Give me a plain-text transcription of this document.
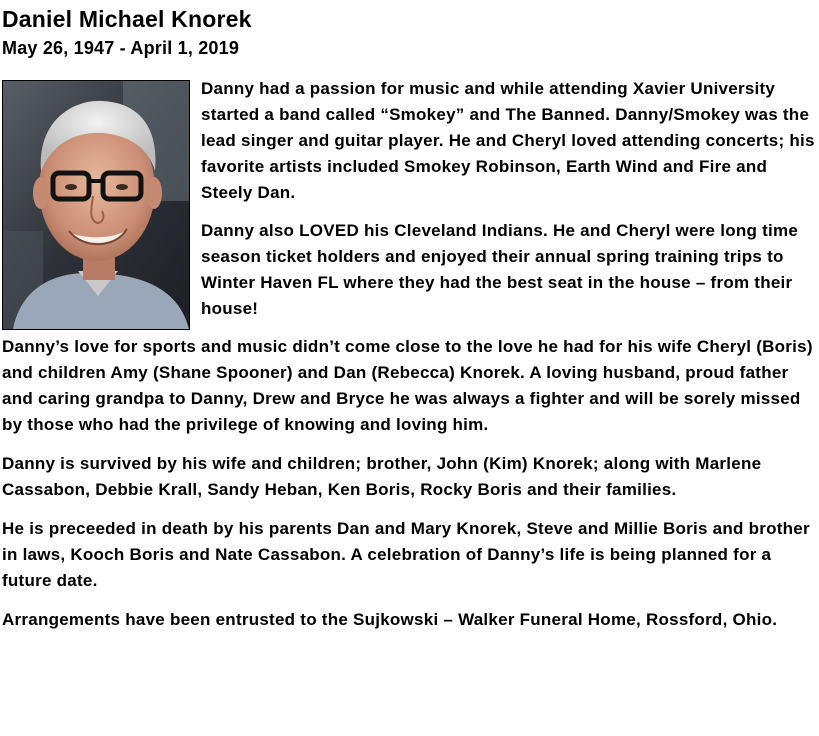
Daniel Michael Knorek
May 26, 1947 - April 1, 2019

Danny had a passion for music and while attending Xavier University started a band called “Smokey” and The Banned. Danny/Smokey was the lead singer and guitar player. He and Cheryl loved attending concerts; his favorite artists included Smokey Robinson, Earth Wind and Fire and Steely Dan.

Danny also LOVED his Cleveland Indians. He and Cheryl were long time season ticket holders and enjoyed their annual spring training trips to Winter Haven FL where they had the best seat in the house – from their house!

Danny’s love for sports and music didn’t come close to the love he had for his wife Cheryl (Boris) and children Amy (Shane Spooner) and Dan (Rebecca) Knorek. A loving husband, proud father and caring grandpa to Danny, Drew and Bryce he was always a fighter and will be sorely missed by those who had the privilege of knowing and loving him.

Danny is survived by his wife and children; brother, John (Kim) Knorek; along with Marlene Cassabon, Debbie Krall, Sandy Heban, Ken Boris, Rocky Boris and their families.

He is preceeded in death by his parents Dan and Mary Knorek, Steve and Millie Boris and brother in laws, Kooch Boris and Nate Cassabon. A celebration of Danny’s life is being planned for a future date.

Arrangements have been entrusted to the Sujkowski – Walker Funeral Home, Rossford, Ohio.
